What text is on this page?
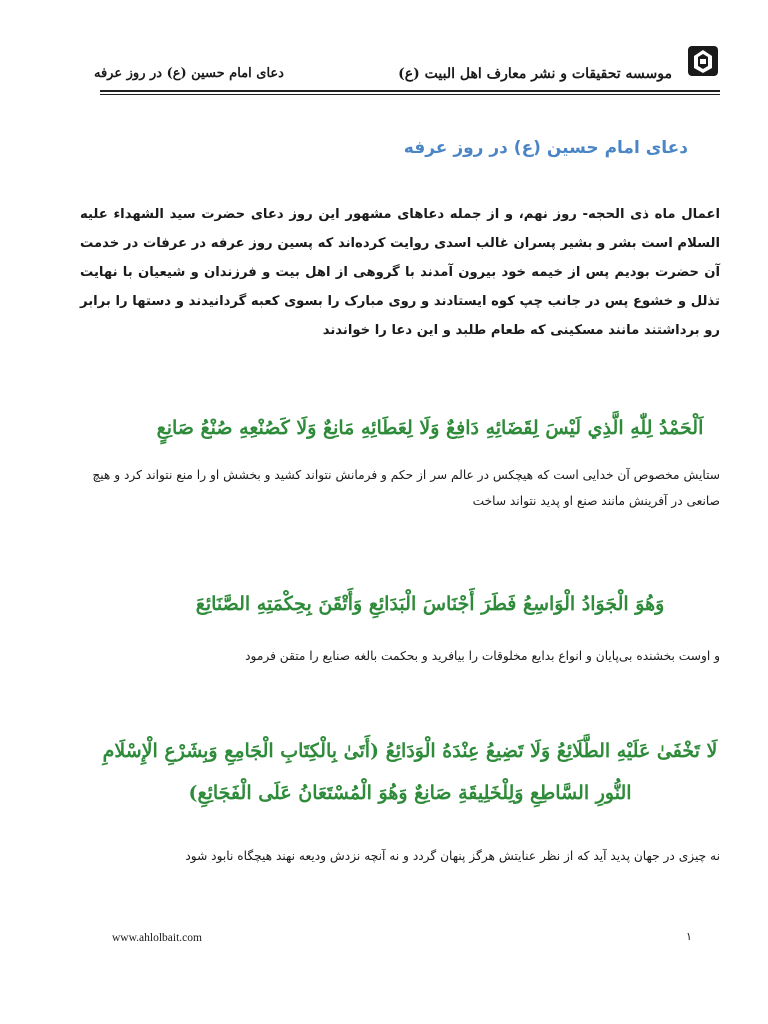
موسسه تحقیقات و نشر معارف اهل البیت (ع)
دعای امام حسین (ع) در روز عرفه
دعای امام حسین (ع) در روز عرفه
اعمال ماه ذی الحجه- روز نهم، و از جمله دعاهای مشهور این روز دعای حضرت سید الشهداء علیه السلام است بشر و بشیر پسران غالب اسدی روایت کرده‌اند که پسین روز عرفه در عرفات در خدمت آن حضرت بودیم پس از خیمه خود بیرون آمدند با گروهی از اهل بیت و فرزندان و شیعیان با نهایت تذلل و خشوع پس در جانب چپ کوه ایستادند و روی مبارک را بسوی کعبه گردانیدند و دستها را برابر رو برداشتند مانند مسکینی که طعام طلبد و این دعا را خواندند
اَلْحَمْدُ لِلّٰهِ الَّذِي لَيْسَ لِقَضَائِهِ دَافِعٌ وَلَا لِعَطَائِهِ مَانِعٌ وَلَا كَصُنْعِهِ صُنْعُ صَانِعٍ
ستایش مخصوص آن خدایی است که هیچکس در عالم سر از حکم و فرمانش نتواند کشید و بخشش او را منع نتواند کرد و هیچ صانعی در آفرینش مانند صنع او پدید نتواند ساخت
وَهُوَ الْجَوَادُ الْوَاسِعُ فَطَرَ أَجْنَاسَ الْبَدَائِعِ وَأَتْقَنَ بِحِكْمَتِهِ الصَّنَائِعَ
و اوست بخشنده بی‌پایان و انواع بدایع مخلوقات را بیافرید و بحکمت بالغه صنایع را متقن فرمود
لَا تَخْفَىٰ عَلَيْهِ الطَّلَائِعُ وَلَا تَضِيعُ عِنْدَهُ الْوَدَائِعُ (أَتَىٰ بِالْكِتَابِ الْجَامِعِ وَبِشَرْعِ الْإِسْلَامِ النُّورِ السَّاطِعِ وَلِلْخَلِيقَةِ صَانِعٌ وَهُوَ الْمُسْتَعَانُ عَلَى الْفَجَائِعِ)
نه چیزی در جهان پدید آید که از نظر عنایتش هرگز پنهان گردد و نه آنچه نزدش ودیعه نهند هیچگاه نابود شود
www.ahlolbait.com	١
